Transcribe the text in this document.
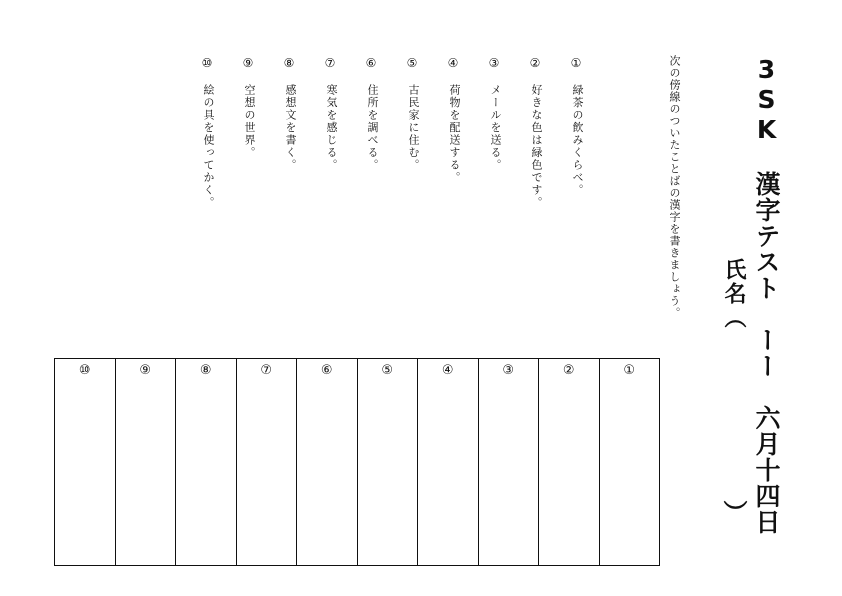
3SK　漢字テスト　ーー　六月十四日
氏名（
）
次の傍線のついたことばの漢字を書きましょう。
①
緑茶の飲みくらべ。
②
好きな色は緑色です。
③
メールを送る。
④
荷物を配送する。
⑤
古民家に住む。
⑥
住所を調べる。
⑦
寒気を感じる。
⑧
感想文を書く。
⑨
空想の世界。
⑩
絵の具を使ってかく。
⑩	⑨	⑧	⑦	⑥	⑤	④	③	②	①
